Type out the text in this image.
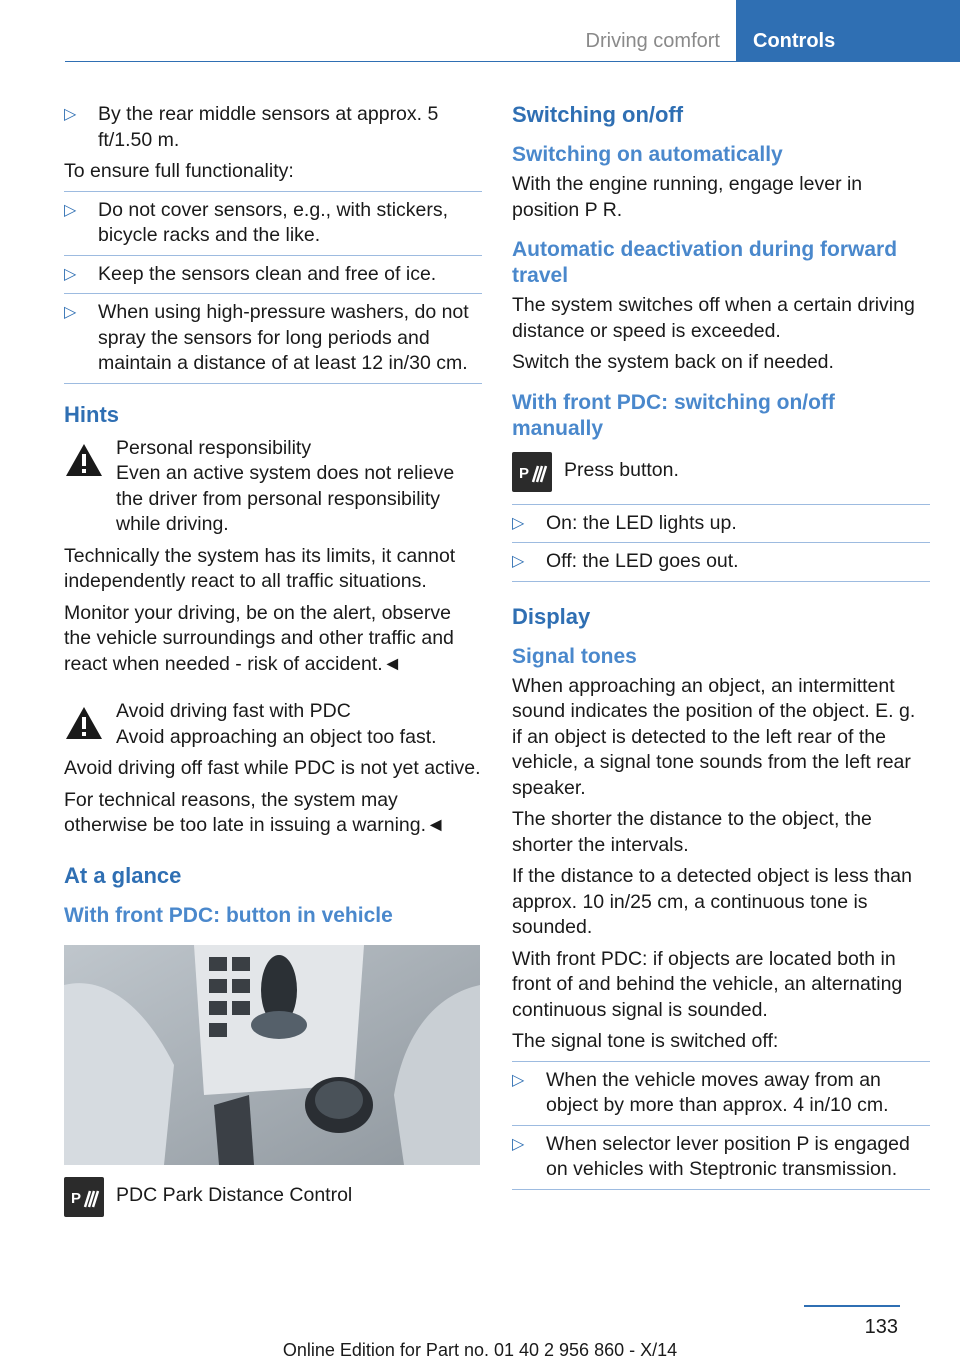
Driving comfort	Controls
▷ By the rear middle sensors at approx. 5 ft/1.50 m.

To ensure full functionality:

▷ Do not cover sensors, e.g., with stickers, bicycle racks and the like.
▷ Keep the sensors clean and free of ice.
▷ When using high-pressure washers, do not spray the sensors for long periods and maintain a distance of at least 12 in/30 cm.
Hints
Personal responsibility
Even an active system does not relieve the driver from personal responsibility while driving.

Technically the system has its limits, it cannot independently react to all traffic situations.

Monitor your driving, be on the alert, observe the vehicle surroundings and other traffic and react when needed - risk of accident.◄

Avoid driving fast with PDC
Avoid approaching an object too fast.

Avoid driving off fast while PDC is not yet active.

For technical reasons, the system may otherwise be too late in issuing a warning.◄

At a glance
With front PDC: button in vehicle
P PDC Park Distance Control
Switching on/off
Switching on automatically

With the engine running, engage lever in position P R.

Automatic deactivation during forward travel

The system switches off when a certain driving distance or speed is exceeded.

Switch the system back on if needed.

With front PDC: switching on/off manually
P Press button.
▷ On: the LED lights up.
▷ Off: the LED goes out.
Display
Signal tones

When approaching an object, an intermittent sound indicates the position of the object. E. g. if an object is detected to the left rear of the vehicle, a signal tone sounds from the left rear speaker.

The shorter the distance to the object, the shorter the intervals.

If the distance to a detected object is less than approx. 10 in/25 cm, a continuous tone is sounded.

With front PDC: if objects are located both in front of and behind the vehicle, an alternating continuous signal is sounded.

The signal tone is switched off:

▷ When the vehicle moves away from an object by more than approx. 4 in/10 cm.
▷ When selector lever position P is engaged on vehicles with Steptronic transmission.
133
Online Edition for Part no. 01 40 2 956 860 - X/14
